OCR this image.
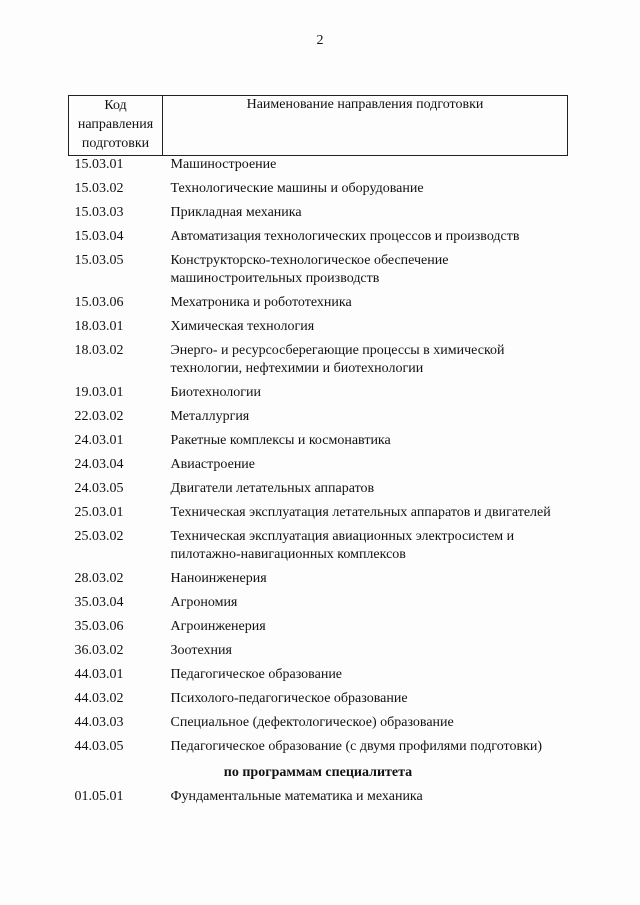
2
Код
направления
подготовки	Наименование направления подготовки
15.03.01	Машиностроение
15.03.02	Технологические машины и оборудование
15.03.03	Прикладная механика
15.03.04	Автоматизация технологических процессов и производств
15.03.05	Конструкторско-технологическое обеспечение машиностроительных производств
15.03.06	Мехатроника и робототехника
18.03.01	Химическая технология
18.03.02	Энерго- и ресурсосберегающие процессы в химической технологии, нефтехимии и биотехнологии
19.03.01	Биотехнологии
22.03.02	Металлургия
24.03.01	Ракетные комплексы и космонавтика
24.03.04	Авиастроение
24.03.05	Двигатели летательных аппаратов
25.03.01	Техническая эксплуатация летательных аппаратов и двигателей
25.03.02	Техническая эксплуатация авиационных электросистем и пилотажно-навигационных комплексов
28.03.02	Наноинженерия
35.03.04	Агрономия
35.03.06	Агроинженерия
36.03.02	Зоотехния
44.03.01	Педагогическое образование
44.03.02	Психолого-педагогическое образование
44.03.03	Специальное (дефектологическое) образование
44.03.05	Педагогическое образование (с двумя профилями подготовки)
по программам специалитета	
01.05.01	Фундаментальные математика и механика
